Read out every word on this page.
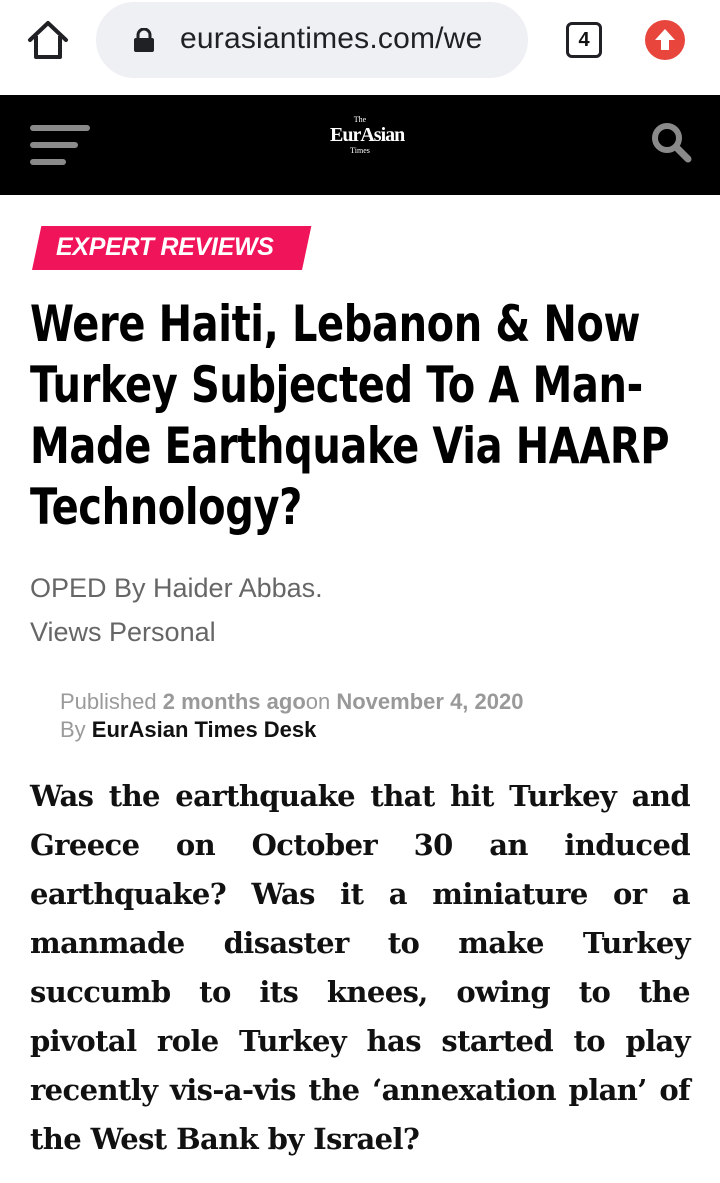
eurasiantimes.com/we	4
The
EurAsian
Times
EXPERT REVIEWS
Were Haiti, Lebanon & Now Turkey Subjected To A Man-Made Earthquake Via HAARP Technology?
OPED By Haider Abbas.
Views Personal
Published 2 months agoon November 4, 2020
By EurAsian Times Desk

Was the earthquake that hit Turkey and Greece on October 30 an induced earthquake? Was it a miniature or a manmade disaster to make Turkey succumb to its knees, owing to the pivotal role Turkey has started to play recently vis-a-vis the ‘annexation plan’ of the West Bank by Israel?
